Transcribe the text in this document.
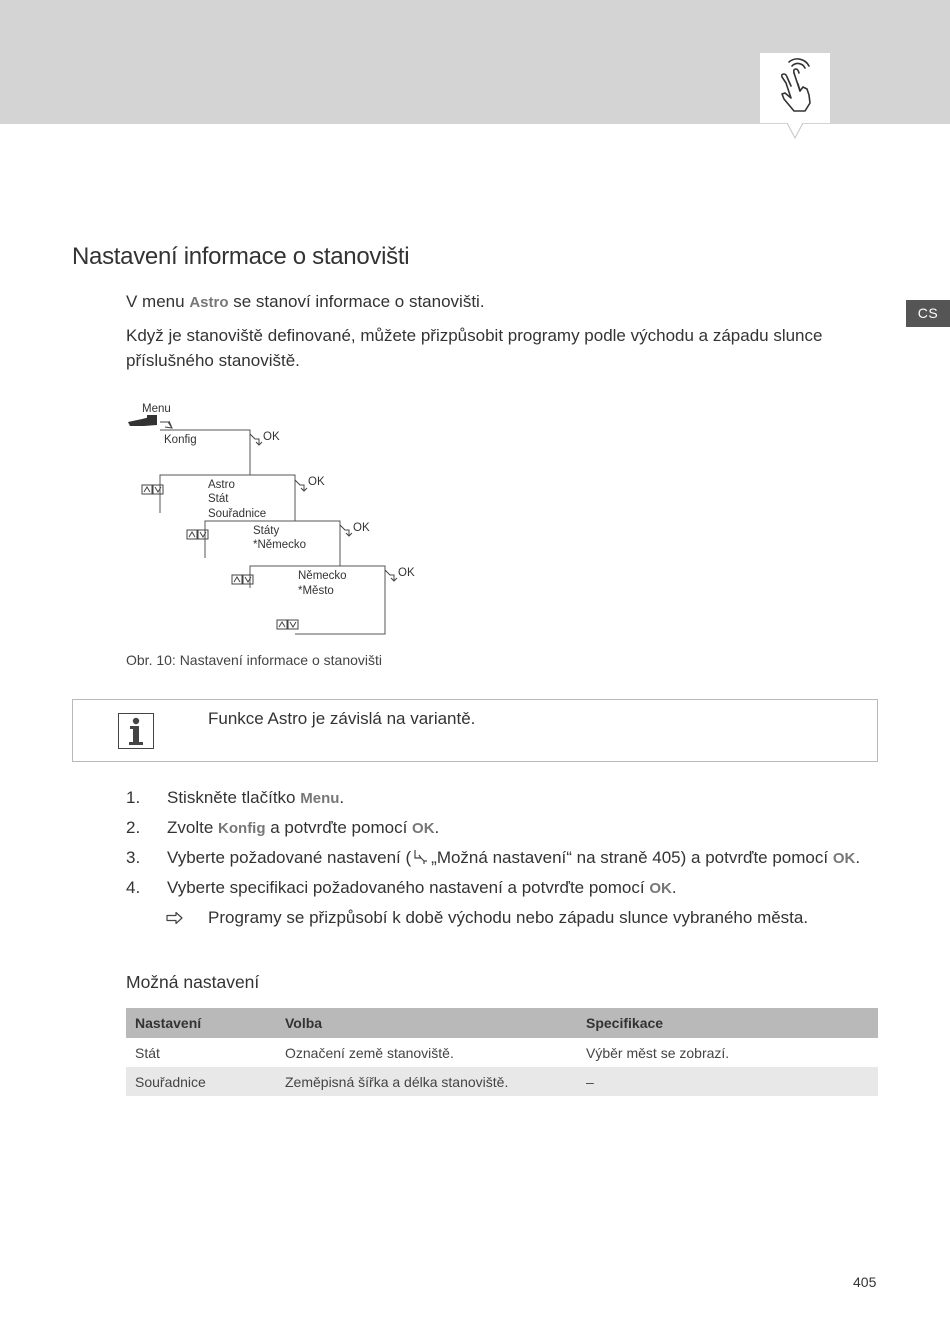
CS
Nastavení informace o stanovišti
V menu Astro se stanoví informace o stanovišti.
Když je stanoviště definované, můžete přizpůsobit programy podle východu a západu slunce příslušného stanoviště.
Menu
Konfig	OK
Astro
Stát
Souřadnice
OK
Státy
*Německo
OK
Německo
*Město
OK
Obr. 10: Nastavení informace o stanovišti
Funkce Astro je závislá na variantě.
1.	Stiskněte tlačítko Menu.
2.	Zvolte Konfig a potvrďte pomocí OK.
3.	Vyberte požadované nastavení ( „Možná nastavení“ na straně 405) a potvrďte pomocí OK.
4.	Vyberte specifikaci požadovaného nastavení a potvrďte pomocí OK.
Programy se přizpůsobí k době východu nebo západu slunce vybraného města.
Možná nastavení
Nastavení	Volba	Specifikace
Stát	Označení země stanoviště.	Výběr měst se zobrazí.
Souřadnice	Zeměpisná šířka a délka stanoviště.	–
405
